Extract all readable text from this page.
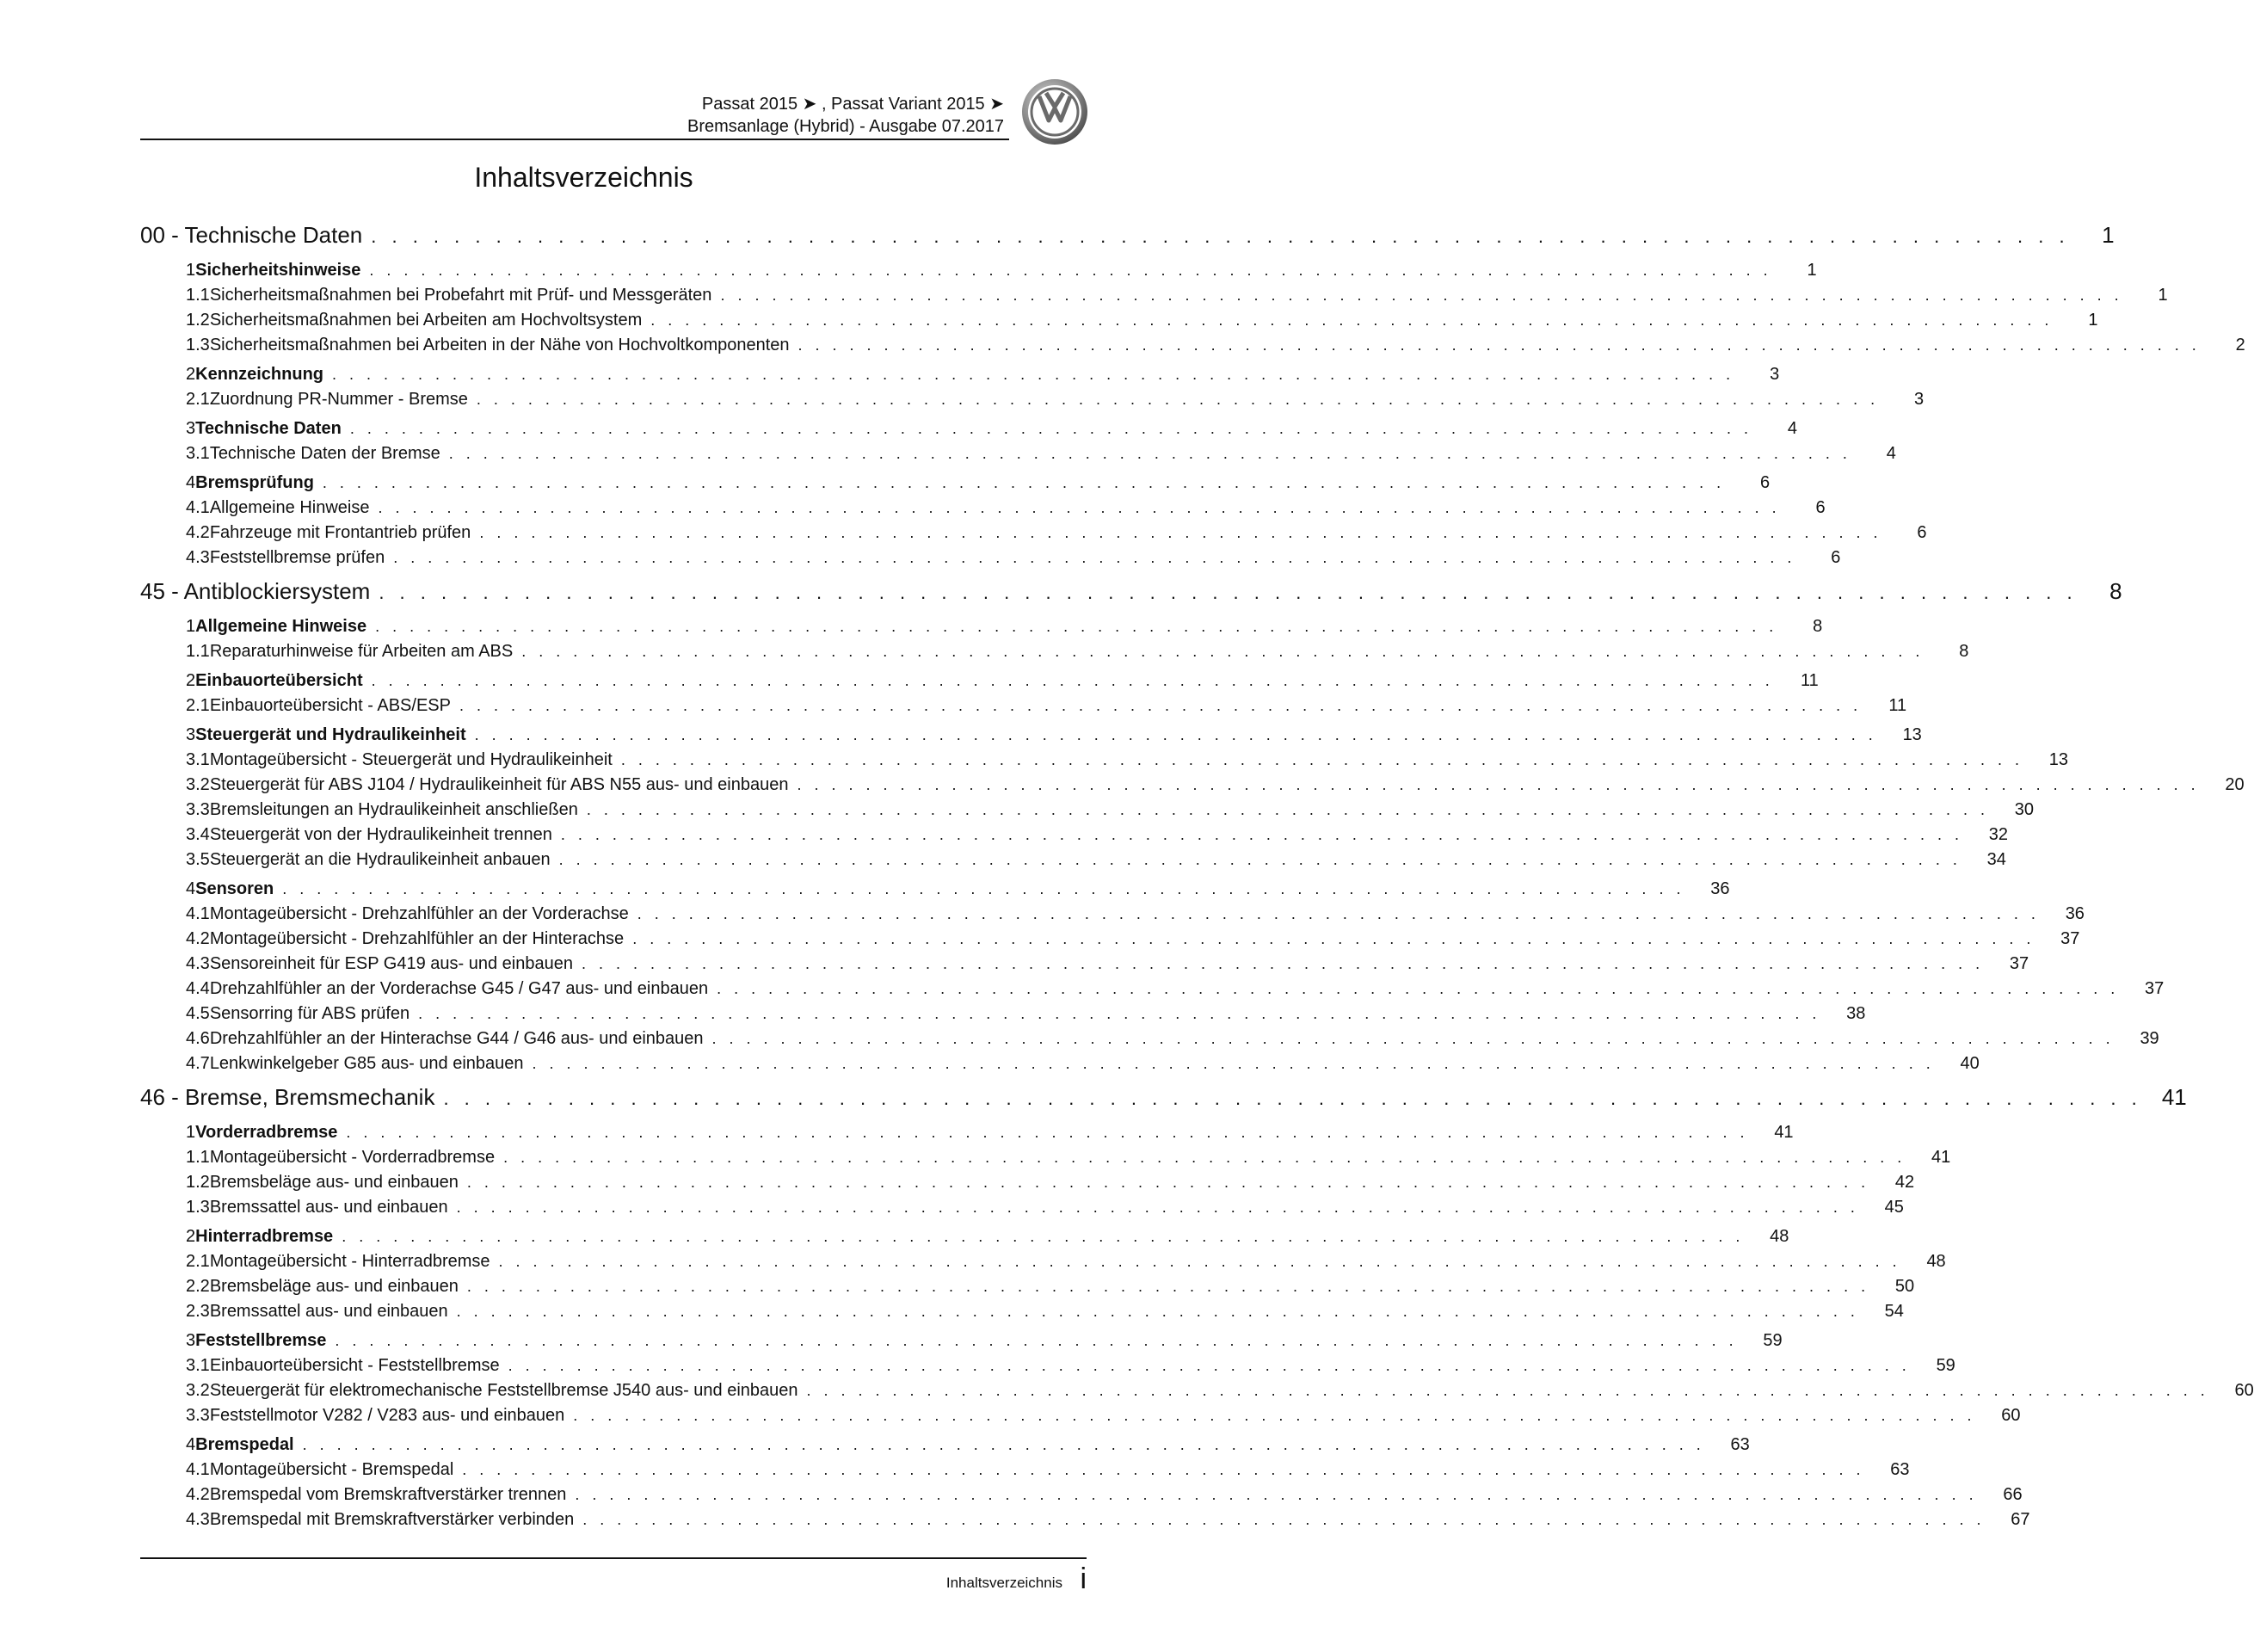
Passat 2015 ➤ , Passat Variant 2015 ➤
Bremsanlage (Hybrid) - Ausgabe 07.2017
Inhaltsverzeichnis
00 - Technische Daten . . . . . . . . . . . . . . . . . . . . . . . . . . . . . . . . . . . . . . . . . . . . . . . . . . . . . . . . . . . . . . . . . . . . . . . . . . . . . . . . . .	1
1 Sicherheitshinweise . . . . . . . . . . . . . . . . . . . . . . . . . . . . . . . . . . . . . . . . . . . . . . . . . . . . . . . . . . . . . . . . . . . . . . . . . . . . . . . . . .	1
1.1 Sicherheitsmaßnahmen bei Probefahrt mit Prüf- und Messgeräten . . . . . . . . . . . . . . . . . . . . . . . . . . . . . . . . . . . . . . . . . . . . . . . . . . . . . . . . . . . . . . . . . . . . . . . . . . . . . . . . . .	1
1.2 Sicherheitsmaßnahmen bei Arbeiten am Hochvoltsystem . . . . . . . . . . . . . . . . . . . . . . . . . . . . . . . . . . . . . . . . . . . . . . . . . . . . . . . . . . . . . . . . . . . . . . . . . . . . . . . . . .	1
1.3 Sicherheitsmaßnahmen bei Arbeiten in der Nähe von Hochvoltkomponenten . . . . . . . . . . . . . . . . . . . . . . . . . . . . . . . . . . . . . . . . . . . . . . . . . . . . . . . . . . . . . . . . . . . . . . . . . . . . . . . . . .	2
2 Kennzeichnung . . . . . . . . . . . . . . . . . . . . . . . . . . . . . . . . . . . . . . . . . . . . . . . . . . . . . . . . . . . . . . . . . . . . . . . . . . . . . . . . . .	3
2.1 Zuordnung PR-Nummer - Bremse . . . . . . . . . . . . . . . . . . . . . . . . . . . . . . . . . . . . . . . . . . . . . . . . . . . . . . . . . . . . . . . . . . . . . . . . . . . . . . . . . .	3
3 Technische Daten . . . . . . . . . . . . . . . . . . . . . . . . . . . . . . . . . . . . . . . . . . . . . . . . . . . . . . . . . . . . . . . . . . . . . . . . . . . . . . . . . .	4
3.1 Technische Daten der Bremse . . . . . . . . . . . . . . . . . . . . . . . . . . . . . . . . . . . . . . . . . . . . . . . . . . . . . . . . . . . . . . . . . . . . . . . . . . . . . . . . . .	4
4 Bremsprüfung . . . . . . . . . . . . . . . . . . . . . . . . . . . . . . . . . . . . . . . . . . . . . . . . . . . . . . . . . . . . . . . . . . . . . . . . . . . . . . . . . .	6
4.1 Allgemeine Hinweise . . . . . . . . . . . . . . . . . . . . . . . . . . . . . . . . . . . . . . . . . . . . . . . . . . . . . . . . . . . . . . . . . . . . . . . . . . . . . . . . . .	6
4.2 Fahrzeuge mit Frontantrieb prüfen . . . . . . . . . . . . . . . . . . . . . . . . . . . . . . . . . . . . . . . . . . . . . . . . . . . . . . . . . . . . . . . . . . . . . . . . . . . . . . . . . .	6
4.3 Feststellbremse prüfen . . . . . . . . . . . . . . . . . . . . . . . . . . . . . . . . . . . . . . . . . . . . . . . . . . . . . . . . . . . . . . . . . . . . . . . . . . . . . . . . . .	6
45 - Antiblockiersystem . . . . . . . . . . . . . . . . . . . . . . . . . . . . . . . . . . . . . . . . . . . . . . . . . . . . . . . . . . . . . . . . . . . . . . . . . . . . . . . . . .	8
1 Allgemeine Hinweise . . . . . . . . . . . . . . . . . . . . . . . . . . . . . . . . . . . . . . . . . . . . . . . . . . . . . . . . . . . . . . . . . . . . . . . . . . . . . . . . . .	8
1.1 Reparaturhinweise für Arbeiten am ABS . . . . . . . . . . . . . . . . . . . . . . . . . . . . . . . . . . . . . . . . . . . . . . . . . . . . . . . . . . . . . . . . . . . . . . . . . . . . . . . . . .	8
2 Einbauorteübersicht . . . . . . . . . . . . . . . . . . . . . . . . . . . . . . . . . . . . . . . . . . . . . . . . . . . . . . . . . . . . . . . . . . . . . . . . . . . . . . . . . .	11
2.1 Einbauorteübersicht - ABS/ESP . . . . . . . . . . . . . . . . . . . . . . . . . . . . . . . . . . . . . . . . . . . . . . . . . . . . . . . . . . . . . . . . . . . . . . . . . . . . . . . . . .	11
3 Steuergerät und Hydraulikeinheit . . . . . . . . . . . . . . . . . . . . . . . . . . . . . . . . . . . . . . . . . . . . . . . . . . . . . . . . . . . . . . . . . . . . . . . . . . . . . . . . . .	13
3.1 Montageübersicht - Steuergerät und Hydraulikeinheit . . . . . . . . . . . . . . . . . . . . . . . . . . . . . . . . . . . . . . . . . . . . . . . . . . . . . . . . . . . . . . . . . . . . . . . . . . . . . . . . . .	13
3.2 Steuergerät für ABS J104 / Hydraulikeinheit für ABS N55 aus- und einbauen . . . . . . . . . . . . . . . . . . . . . . . . . . . . . . . . . . . . . . . . . . . . . . . . . . . . . . . . . . . . . . . . . . . . . . . . . . . . . . . . . .	20
3.3 Bremsleitungen an Hydraulikeinheit anschließen . . . . . . . . . . . . . . . . . . . . . . . . . . . . . . . . . . . . . . . . . . . . . . . . . . . . . . . . . . . . . . . . . . . . . . . . . . . . . . . . . .	30
3.4 Steuergerät von der Hydraulikeinheit trennen . . . . . . . . . . . . . . . . . . . . . . . . . . . . . . . . . . . . . . . . . . . . . . . . . . . . . . . . . . . . . . . . . . . . . . . . . . . . . . . . . .	32
3.5 Steuergerät an die Hydraulikeinheit anbauen . . . . . . . . . . . . . . . . . . . . . . . . . . . . . . . . . . . . . . . . . . . . . . . . . . . . . . . . . . . . . . . . . . . . . . . . . . . . . . . . . .	34
4 Sensoren . . . . . . . . . . . . . . . . . . . . . . . . . . . . . . . . . . . . . . . . . . . . . . . . . . . . . . . . . . . . . . . . . . . . . . . . . . . . . . . . . .	36
4.1 Montageübersicht - Drehzahlfühler an der Vorderachse . . . . . . . . . . . . . . . . . . . . . . . . . . . . . . . . . . . . . . . . . . . . . . . . . . . . . . . . . . . . . . . . . . . . . . . . . . . . . . . . . .	36
4.2 Montageübersicht - Drehzahlfühler an der Hinterachse . . . . . . . . . . . . . . . . . . . . . . . . . . . . . . . . . . . . . . . . . . . . . . . . . . . . . . . . . . . . . . . . . . . . . . . . . . . . . . . . . .	37
4.3 Sensoreinheit für ESP G419 aus- und einbauen . . . . . . . . . . . . . . . . . . . . . . . . . . . . . . . . . . . . . . . . . . . . . . . . . . . . . . . . . . . . . . . . . . . . . . . . . . . . . . . . . .	37
4.4 Drehzahlfühler an der Vorderachse G45 / G47 aus- und einbauen . . . . . . . . . . . . . . . . . . . . . . . . . . . . . . . . . . . . . . . . . . . . . . . . . . . . . . . . . . . . . . . . . . . . . . . . . . . . . . . . . .	37
4.5 Sensorring für ABS prüfen . . . . . . . . . . . . . . . . . . . . . . . . . . . . . . . . . . . . . . . . . . . . . . . . . . . . . . . . . . . . . . . . . . . . . . . . . . . . . . . . . .	38
4.6 Drehzahlfühler an der Hinterachse G44 / G46 aus- und einbauen . . . . . . . . . . . . . . . . . . . . . . . . . . . . . . . . . . . . . . . . . . . . . . . . . . . . . . . . . . . . . . . . . . . . . . . . . . . . . . . . . .	39
4.7 Lenkwinkelgeber G85 aus- und einbauen . . . . . . . . . . . . . . . . . . . . . . . . . . . . . . . . . . . . . . . . . . . . . . . . . . . . . . . . . . . . . . . . . . . . . . . . . . . . . . . . . .	40
46 - Bremse, Bremsmechanik . . . . . . . . . . . . . . . . . . . . . . . . . . . . . . . . . . . . . . . . . . . . . . . . . . . . . . . . . . . . . . . . . . . . . . . . . . . . . . . . . . 41
1 Vorderradbremse . . . . . . . . . . . . . . . . . . . . . . . . . . . . . . . . . . . . . . . . . . . . . . . . . . . . . . . . . . . . . . . . . . . . . . . . . . . . . . . . . .	41
1.1 Montageübersicht - Vorderradbremse . . . . . . . . . . . . . . . . . . . . . . . . . . . . . . . . . . . . . . . . . . . . . . . . . . . . . . . . . . . . . . . . . . . . . . . . . . . . . . . . . .	41
1.2 Bremsbeläge aus- und einbauen . . . . . . . . . . . . . . . . . . . . . . . . . . . . . . . . . . . . . . . . . . . . . . . . . . . . . . . . . . . . . . . . . . . . . . . . . . . . . . . . . .	42
1.3 Bremssattel aus- und einbauen . . . . . . . . . . . . . . . . . . . . . . . . . . . . . . . . . . . . . . . . . . . . . . . . . . . . . . . . . . . . . . . . . . . . . . . . . . . . . . . . . .	45
2 Hinterradbremse . . . . . . . . . . . . . . . . . . . . . . . . . . . . . . . . . . . . . . . . . . . . . . . . . . . . . . . . . . . . . . . . . . . . . . . . . . . . . . . . . .	48
2.1 Montageübersicht - Hinterradbremse . . . . . . . . . . . . . . . . . . . . . . . . . . . . . . . . . . . . . . . . . . . . . . . . . . . . . . . . . . . . . . . . . . . . . . . . . . . . . . . . . .	48
2.2 Bremsbeläge aus- und einbauen . . . . . . . . . . . . . . . . . . . . . . . . . . . . . . . . . . . . . . . . . . . . . . . . . . . . . . . . . . . . . . . . . . . . . . . . . . . . . . . . . .	50
2.3 Bremssattel aus- und einbauen . . . . . . . . . . . . . . . . . . . . . . . . . . . . . . . . . . . . . . . . . . . . . . . . . . . . . . . . . . . . . . . . . . . . . . . . . . . . . . . . . .	54
3 Feststellbremse . . . . . . . . . . . . . . . . . . . . . . . . . . . . . . . . . . . . . . . . . . . . . . . . . . . . . . . . . . . . . . . . . . . . . . . . . . . . . . . . . .	59
3.1 Einbauorteübersicht - Feststellbremse . . . . . . . . . . . . . . . . . . . . . . . . . . . . . . . . . . . . . . . . . . . . . . . . . . . . . . . . . . . . . . . . . . . . . . . . . . . . . . . . . .	59
3.2 Steuergerät für elektromechanische Feststellbremse J540 aus- und einbauen . . . . . . . . . . . . . . . . . . . . . . . . . . . . . . . . . . . . . . . . . . . . . . . . . . . . . . . . . . . . . . . . . . . . . . . . . . . . . . . . . .	60
3.3 Feststellmotor V282 / V283 aus- und einbauen . . . . . . . . . . . . . . . . . . . . . . . . . . . . . . . . . . . . . . . . . . . . . . . . . . . . . . . . . . . . . . . . . . . . . . . . . . . . . . . . . .	60
4 Bremspedal . . . . . . . . . . . . . . . . . . . . . . . . . . . . . . . . . . . . . . . . . . . . . . . . . . . . . . . . . . . . . . . . . . . . . . . . . . . . . . . . . .	63
4.1 Montageübersicht - Bremspedal . . . . . . . . . . . . . . . . . . . . . . . . . . . . . . . . . . . . . . . . . . . . . . . . . . . . . . . . . . . . . . . . . . . . . . . . . . . . . . . . . .	63
4.2 Bremspedal vom Bremskraftverstärker trennen . . . . . . . . . . . . . . . . . . . . . . . . . . . . . . . . . . . . . . . . . . . . . . . . . . . . . . . . . . . . . . . . . . . . . . . . . . . . . . . . . .	66
4.3 Bremspedal mit Bremskraftverstärker verbinden . . . . . . . . . . . . . . . . . . . . . . . . . . . . . . . . . . . . . . . . . . . . . . . . . . . . . . . . . . . . . . . . . . . . . . . . . . . . . . . . . .	67
Inhaltsverzeichnis i
